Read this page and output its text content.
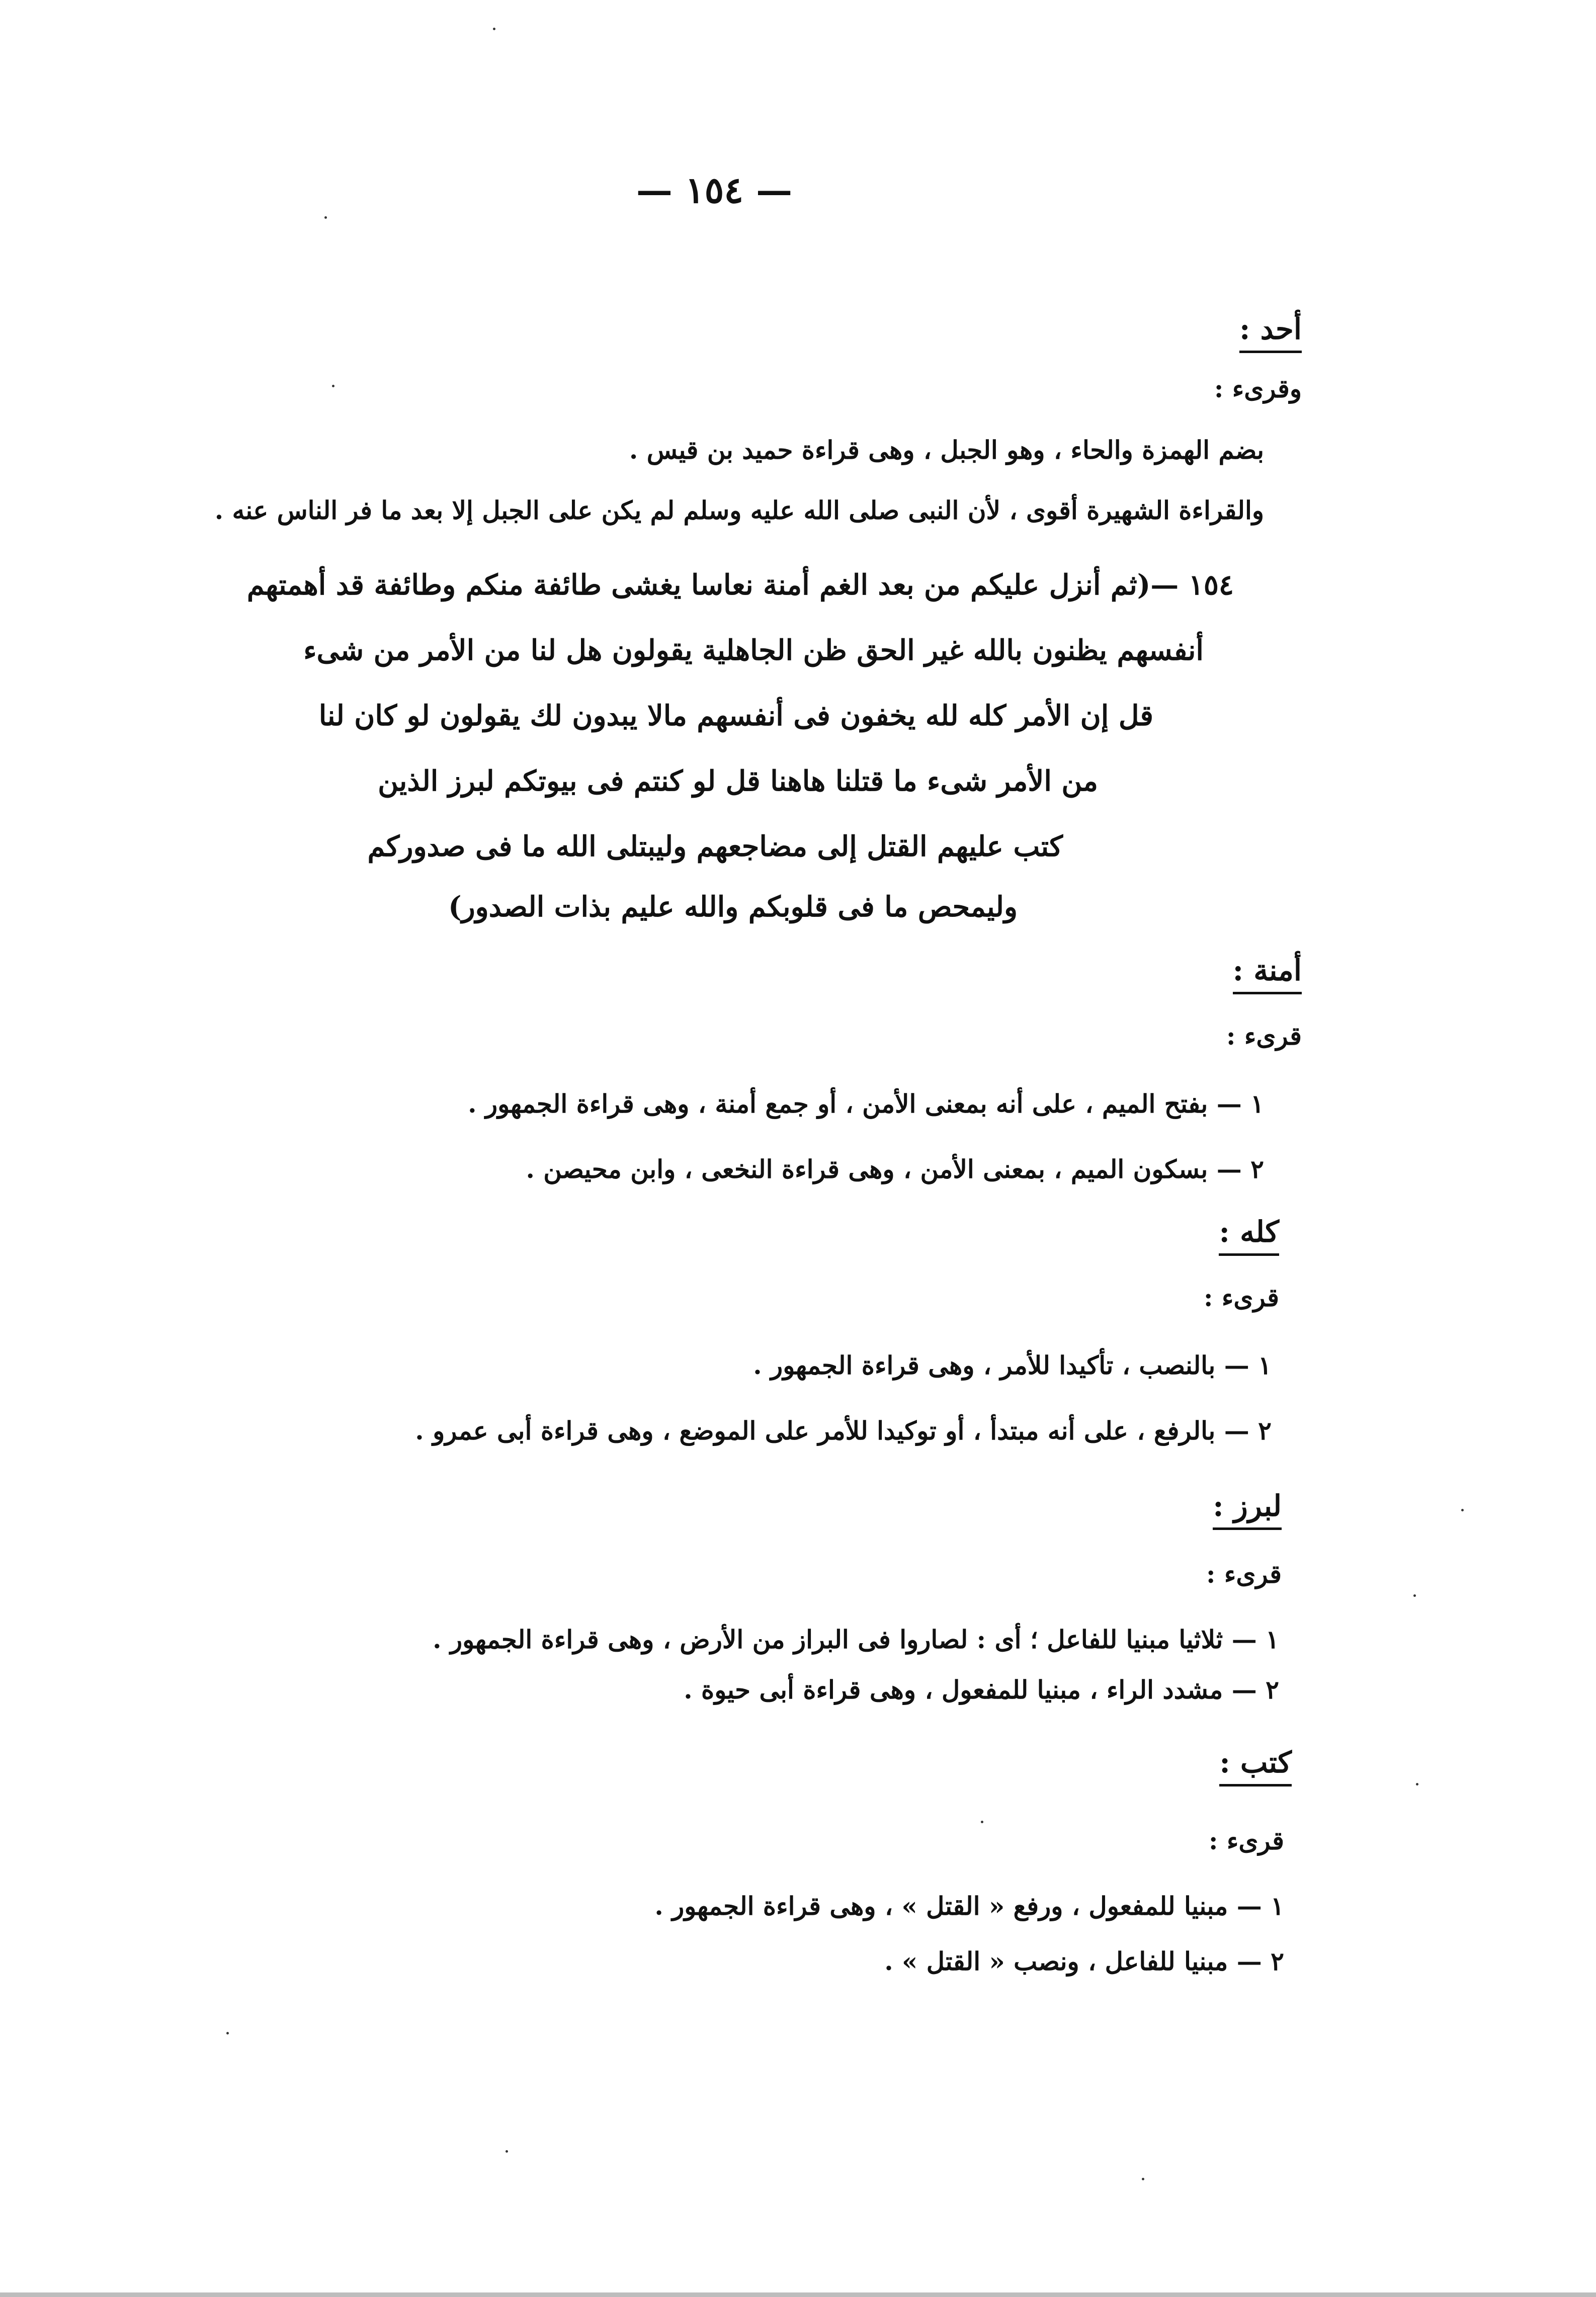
— ١٥٤ —
أحد :
وقرىء :
بضم الهمزة والحاء ، وهو الجبل ، وهى قراءة حميد بن قيس .
والقراءة الشهيرة أقوى ، لأن النبى صلى الله عليه وسلم لم يكن على الجبل إلا بعد ما فر الناس عنه .
١٥٤ —(ثم أنزل عليكم من بعد الغم أمنة نعاسا يغشى طائفة منكم وطائفة قد أهمتهم
أنفسهم يظنون بالله غير الحق ظن الجاهلية يقولون هل لنا من الأمر من شىء
قل إن الأمر كله لله يخفون فى أنفسهم مالا يبدون لك يقولون لو كان لنا
من الأمر شىء ما قتلنا هاهنا قل لو كنتم فى بيوتكم لبرز الذين
كتب عليهم القتل إلى مضاجعهم وليبتلى الله ما فى صدوركم
وليمحص ما فى قلوبكم والله عليم بذات الصدور)
أمنة :
قرىء :
١ — بفتح الميم ، على أنه بمعنى الأمن ، أو جمع أمنة ، وهى قراءة الجمهور .
٢ — بسكون الميم ، بمعنى الأمن ، وهى قراءة النخعى ، وابن محيصن .
كله :
قرىء :
١ — بالنصب ، تأكيدا للأمر ، وهى قراءة الجمهور .
٢ — بالرفع ، على أنه مبتدأ ، أو توكيدا للأمر على الموضع ، وهى قراءة أبى عمرو .
لبرز :
قرىء :
١ — ثلاثيا مبنيا للفاعل ؛ أى : لصاروا فى البراز من الأرض ، وهى قراءة الجمهور .
٢ — مشدد الراء ، مبنيا للمفعول ، وهى قراءة أبى حيوة .
كتب :
قرىء :
١ — مبنيا للمفعول ، ورفع « القتل » ، وهى قراءة الجمهور .
٢ — مبنيا للفاعل ، ونصب « القتل » .
